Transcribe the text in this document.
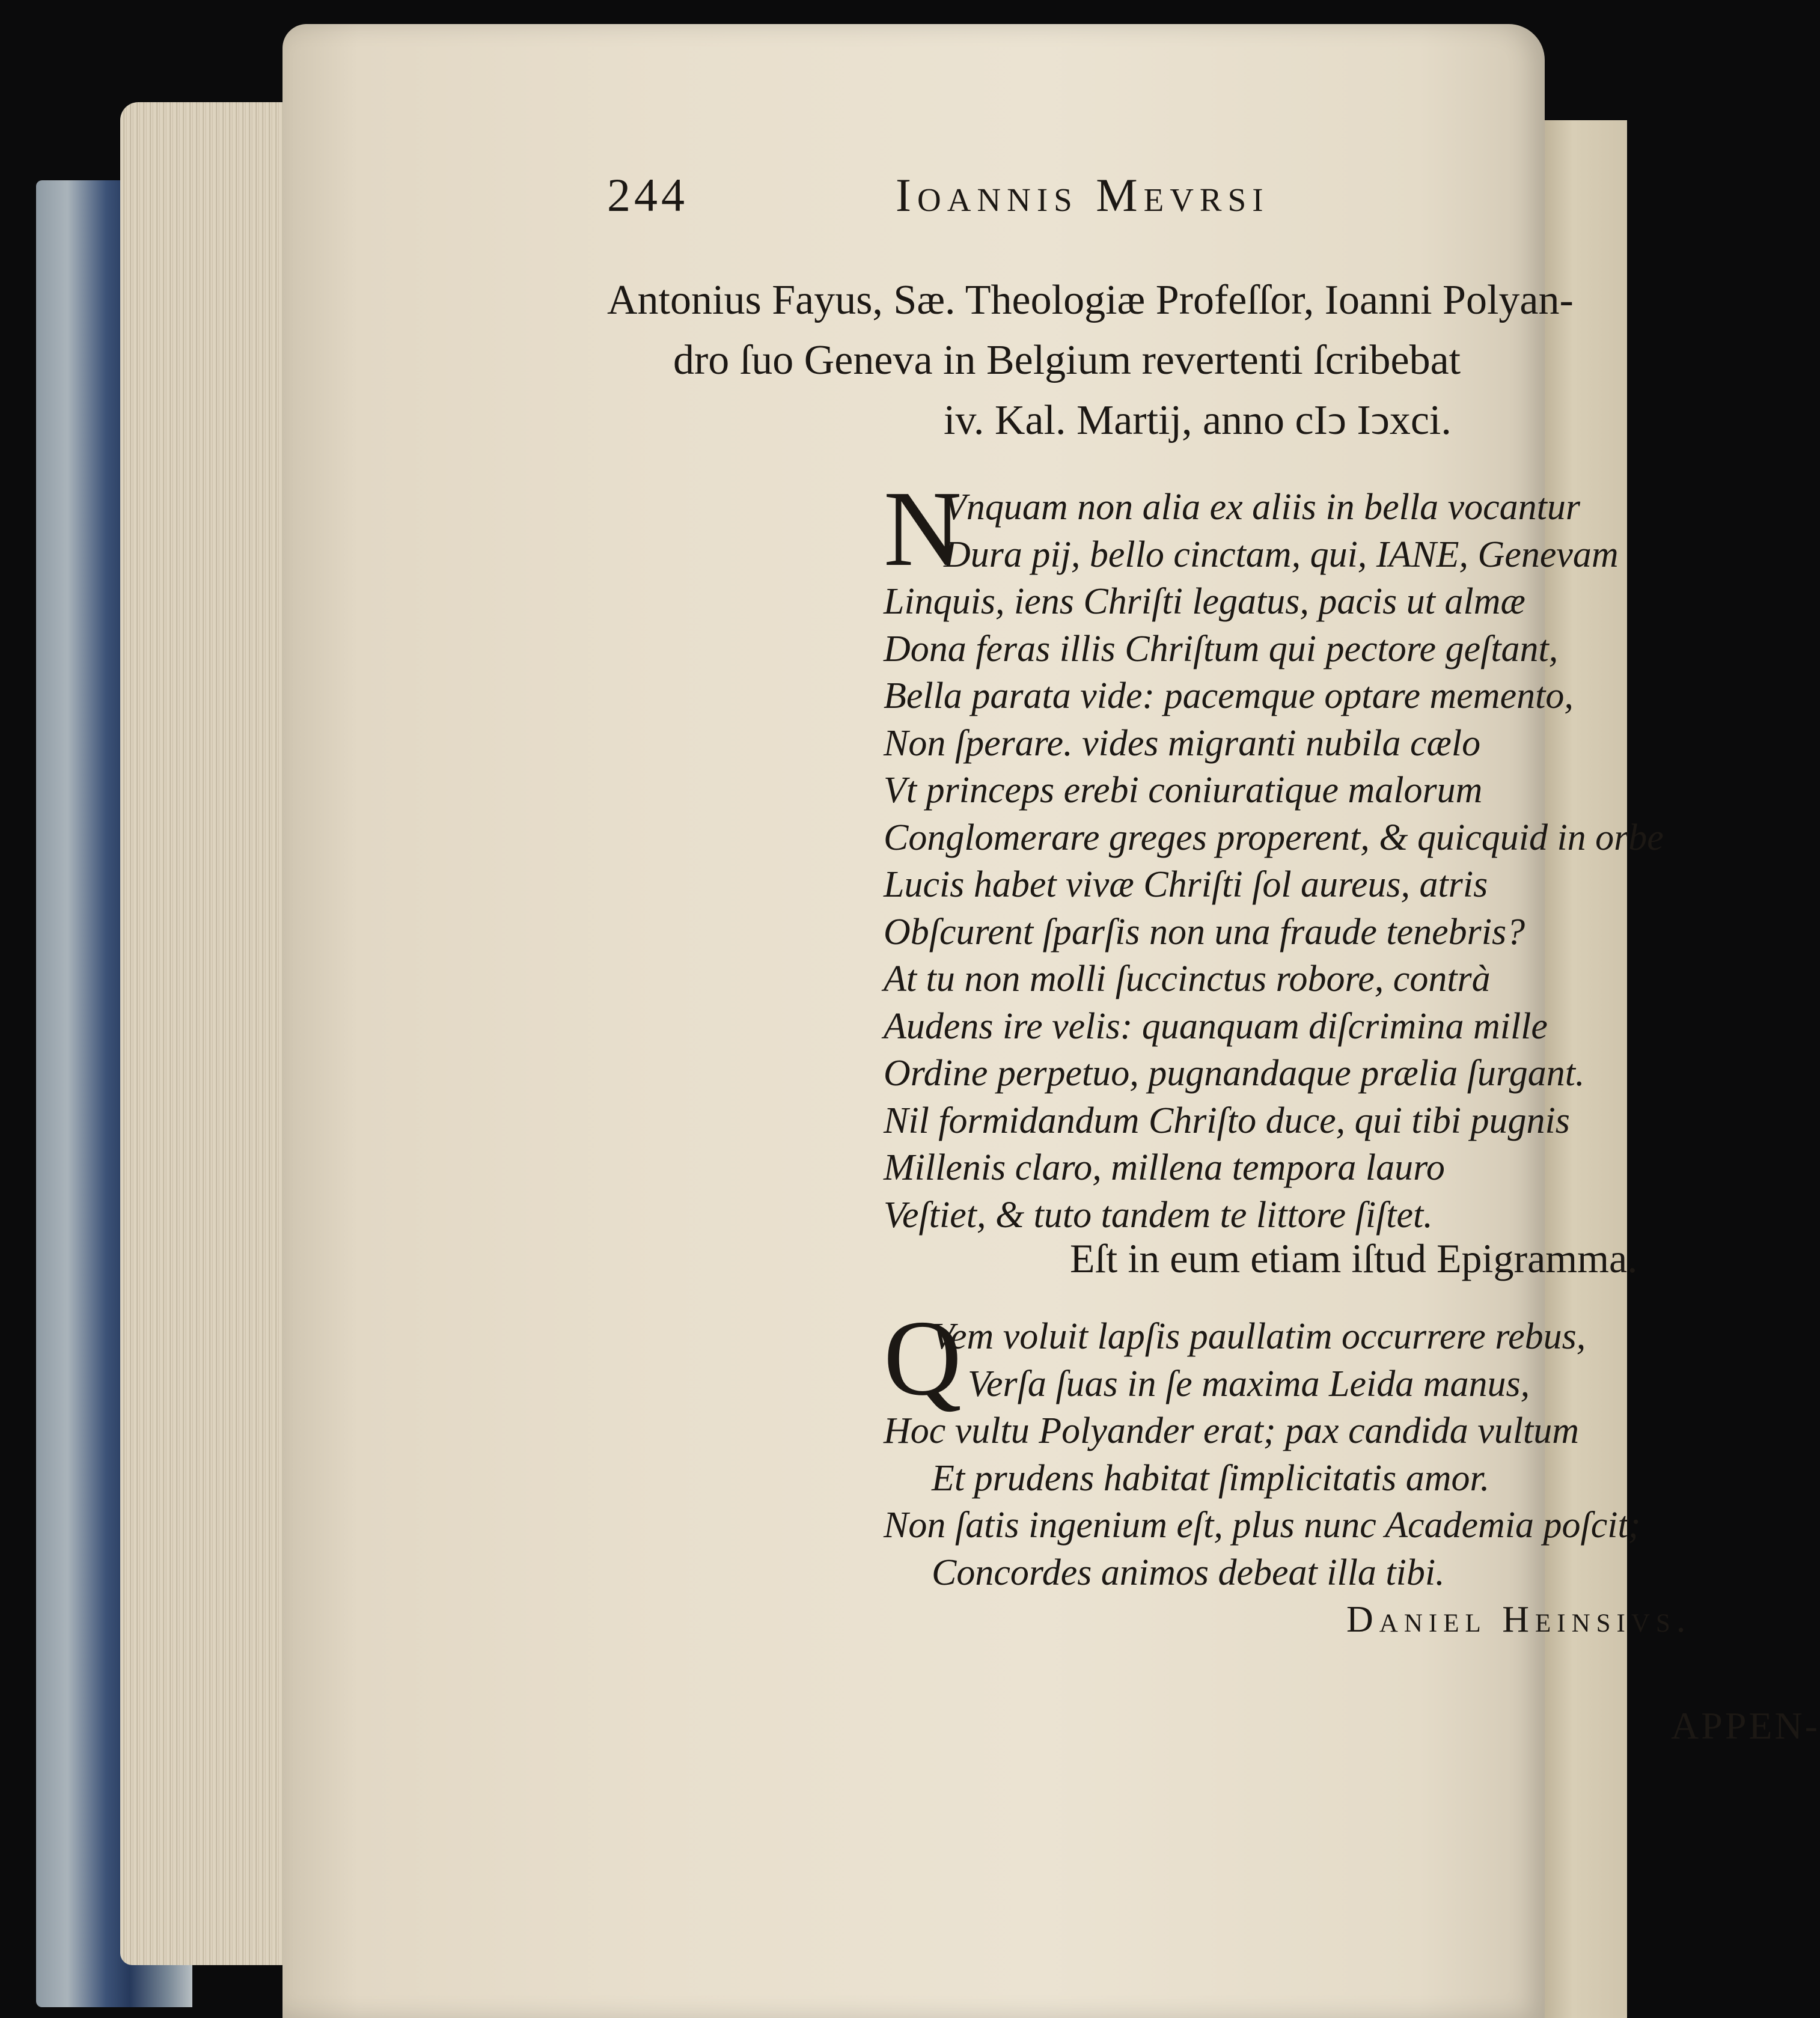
244	Ioannis Mevrsi
Antonius Fayus, Sæ. Theologiæ Profeſſor, Ioanni Polyan-
dro ſuo Geneva in Belgium revertenti ſcribebat
iv. Kal. Martij, anno cIↄ Iↄxci.
N
Vnquam non alia ex aliis in bella vocantur
Dura pij, bello cinctam, qui, IANE, Genevam
Linquis, iens Chriſti legatus, pacis ut almæ
Dona feras illis Chriſtum qui pectore geſtant,
Bella parata vide: pacemque optare memento,
Non ſperare. vides migranti nubila cælo
Vt princeps erebi coniuratique malorum
Conglomerare greges properent, & quicquid in orbe
Lucis habet vivæ Chriſti ſol aureus, atris
Obſcurent ſparſis non una fraude tenebris?
At tu non molli ſuccinctus robore, contrà
Audens ire velis: quanquam diſcrimina mille
Ordine perpetuo, pugnandaque prælia ſurgant.
Nil formidandum Chriſto duce, qui tibi pugnis
Millenis claro, millena tempora lauro
Veſtiet, & tuto tandem te littore ſiſtet.
Eſt in eum etiam iſtud Epigramma.
Q
Vem voluit lapſis paullatim occurrere rebus,
Verſa ſuas in ſe maxima Leida manus,
Hoc vultu Polyander erat; pax candida vultum
Et prudens habitat ſimplicitatis amor.
Non ſatis ingenium eſt, plus nunc Academia poſcit;
Concordes animos debeat illa tibi.
Daniel Heinsivs.
APPEN-
